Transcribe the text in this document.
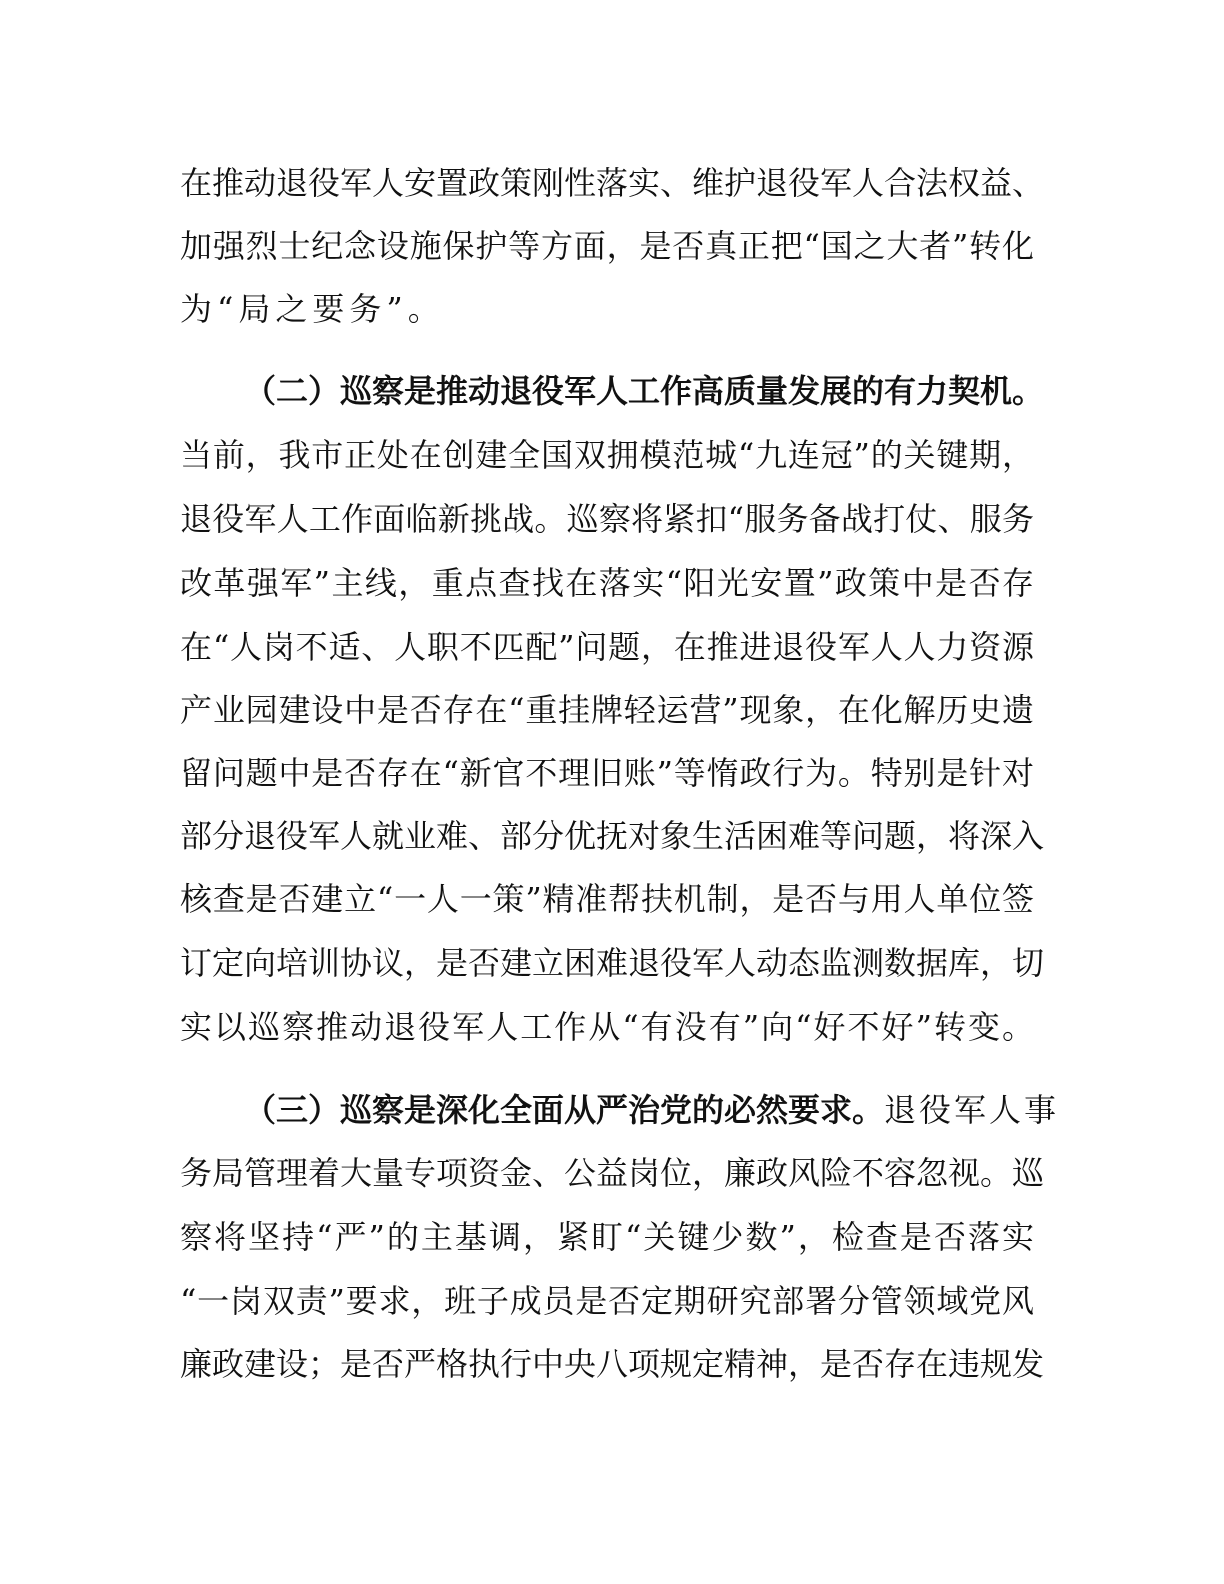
在推动退役军人安置政策刚性落实、维护退役军人合法权益、
加强烈士纪念设施保护等方面，是否真正把“国之大者”转化
为“局之要务”。
（二）巡察是推动退役军人工作高质量发展的有力契机。
当前，我市正处在创建全国双拥模范城“九连冠”的关键期，
退役军人工作面临新挑战。巡察将紧扣“服务备战打仗、服务
改革强军”主线，重点查找在落实“阳光安置”政策中是否存
在“人岗不适、人职不匹配”问题，在推进退役军人人力资源
产业园建设中是否存在“重挂牌轻运营”现象，在化解历史遗
留问题中是否存在“新官不理旧账”等惰政行为。特别是针对
部分退役军人就业难、部分优抚对象生活困难等问题，将深入
核查是否建立“一人一策”精准帮扶机制，是否与用人单位签
订定向培训协议，是否建立困难退役军人动态监测数据库，切
实以巡察推动退役军人工作从“有没有”向“好不好”转变。
（三）巡察是深化全面从严治党的必然要求。 退役军人事
务局管理着大量专项资金、公益岗位，廉政风险不容忽视。巡
察将坚持“严”的主基调，紧盯“关键少数”，检查是否落实
“一岗双责”要求，班子成员是否定期研究部署分管领域党风
廉政建设；是否严格执行中央八项规定精神，是否存在违规发
